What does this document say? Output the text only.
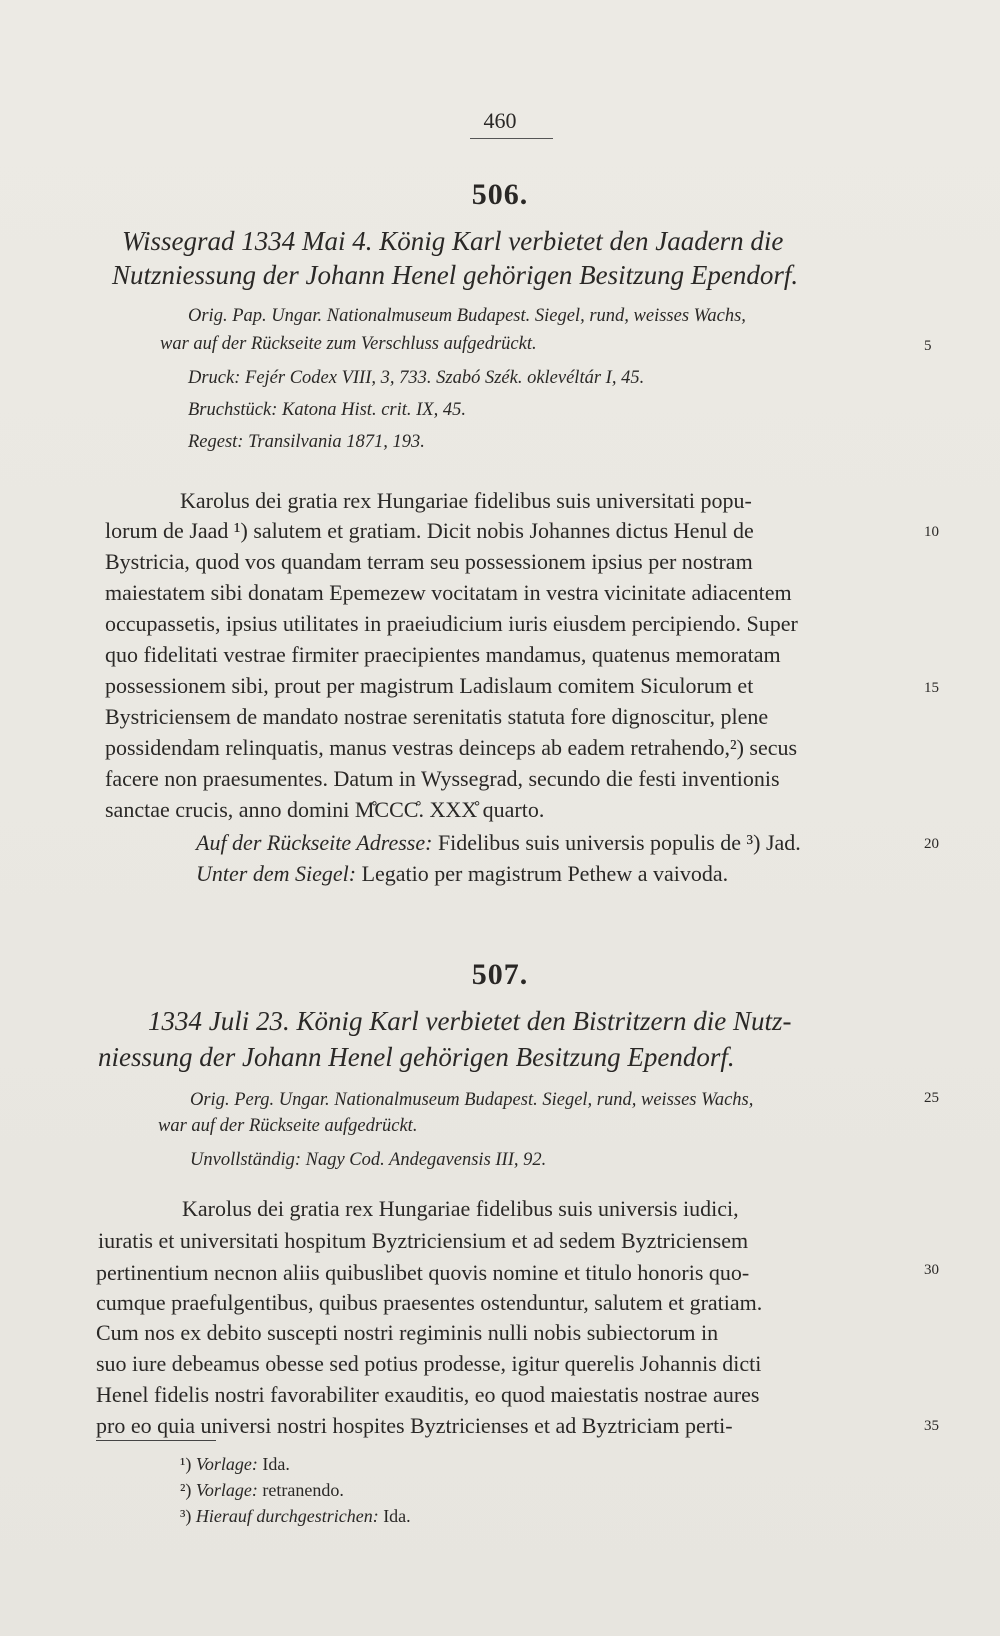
460
506.
Wissegrad 1334 Mai 4. König Karl verbietet den Jaadern die
Nutzniessung der Johann Henel gehörigen Besitzung Ependorf.
Orig. Pap. Ungar. Nationalmuseum Budapest. Siegel, rund, weisses Wachs,
war auf der Rückseite zum Verschluss aufgedrückt.
Druck: Fejér Codex VIII, 3, 733. Szabó Szék. oklevéltár I, 45.
Bruchstück: Katona Hist. crit. IX, 45.
Regest: Transilvania 1871, 193.
Karolus dei gratia rex Hungariae fidelibus suis universitati popu-
lorum de Jaad ¹) salutem et gratiam. Dicit nobis Johannes dictus Henul de
Bystricia, quod vos quandam terram seu possessionem ipsius per nostram
maiestatem sibi donatam Epemezew vocitatam in vestra vicinitate adiacentem
occupassetis, ipsius utilitates in praeiudicium iuris eiusdem percipiendo. Super
quo fidelitati vestrae firmiter praecipientes mandamus, quatenus memoratam
possessionem sibi, prout per magistrum Ladislaum comitem Siculorum et
Bystriciensem de mandato nostrae serenitatis statuta fore dignoscitur, plene
possidendam relinquatis, manus vestras deinceps ab eadem retrahendo,²) secus
facere non praesumentes. Datum in Wyssegrad, secundo die festi inventionis
sanctae crucis, anno domini M̊CCC̊. XXX̊ quarto.
Auf der Rückseite Adresse: Fidelibus suis universis populis de ³) Jad.
Unter dem Siegel: Legatio per magistrum Pethew a vaivoda.
507.
1334 Juli 23. König Karl verbietet den Bistritzern die Nutz-
niessung der Johann Henel gehörigen Besitzung Ependorf.
Orig. Perg. Ungar. Nationalmuseum Budapest. Siegel, rund, weisses Wachs,
war auf der Rückseite aufgedrückt.
Unvollständig: Nagy Cod. Andegavensis III, 92.
Karolus dei gratia rex Hungariae fidelibus suis universis iudici,
iuratis et universitati hospitum Byztriciensium et ad sedem Byztriciensem
pertinentium necnon aliis quibuslibet quovis nomine et titulo honoris quo-
cumque praefulgentibus, quibus praesentes ostenduntur, salutem et gratiam.
Cum nos ex debito suscepti nostri regiminis nulli nobis subiectorum in
suo iure debeamus obesse sed potius prodesse, igitur querelis Johannis dicti
Henel fidelis nostri favorabiliter exauditis, eo quod maiestatis nostrae aures
pro eo quia universi nostri hospites Byztricienses et ad Byztriciam perti-
5
10
15
20
25
30
35
¹) Vorlage: Ida.
²) Vorlage: retranendo.
³) Hierauf durchgestrichen: Ida.
